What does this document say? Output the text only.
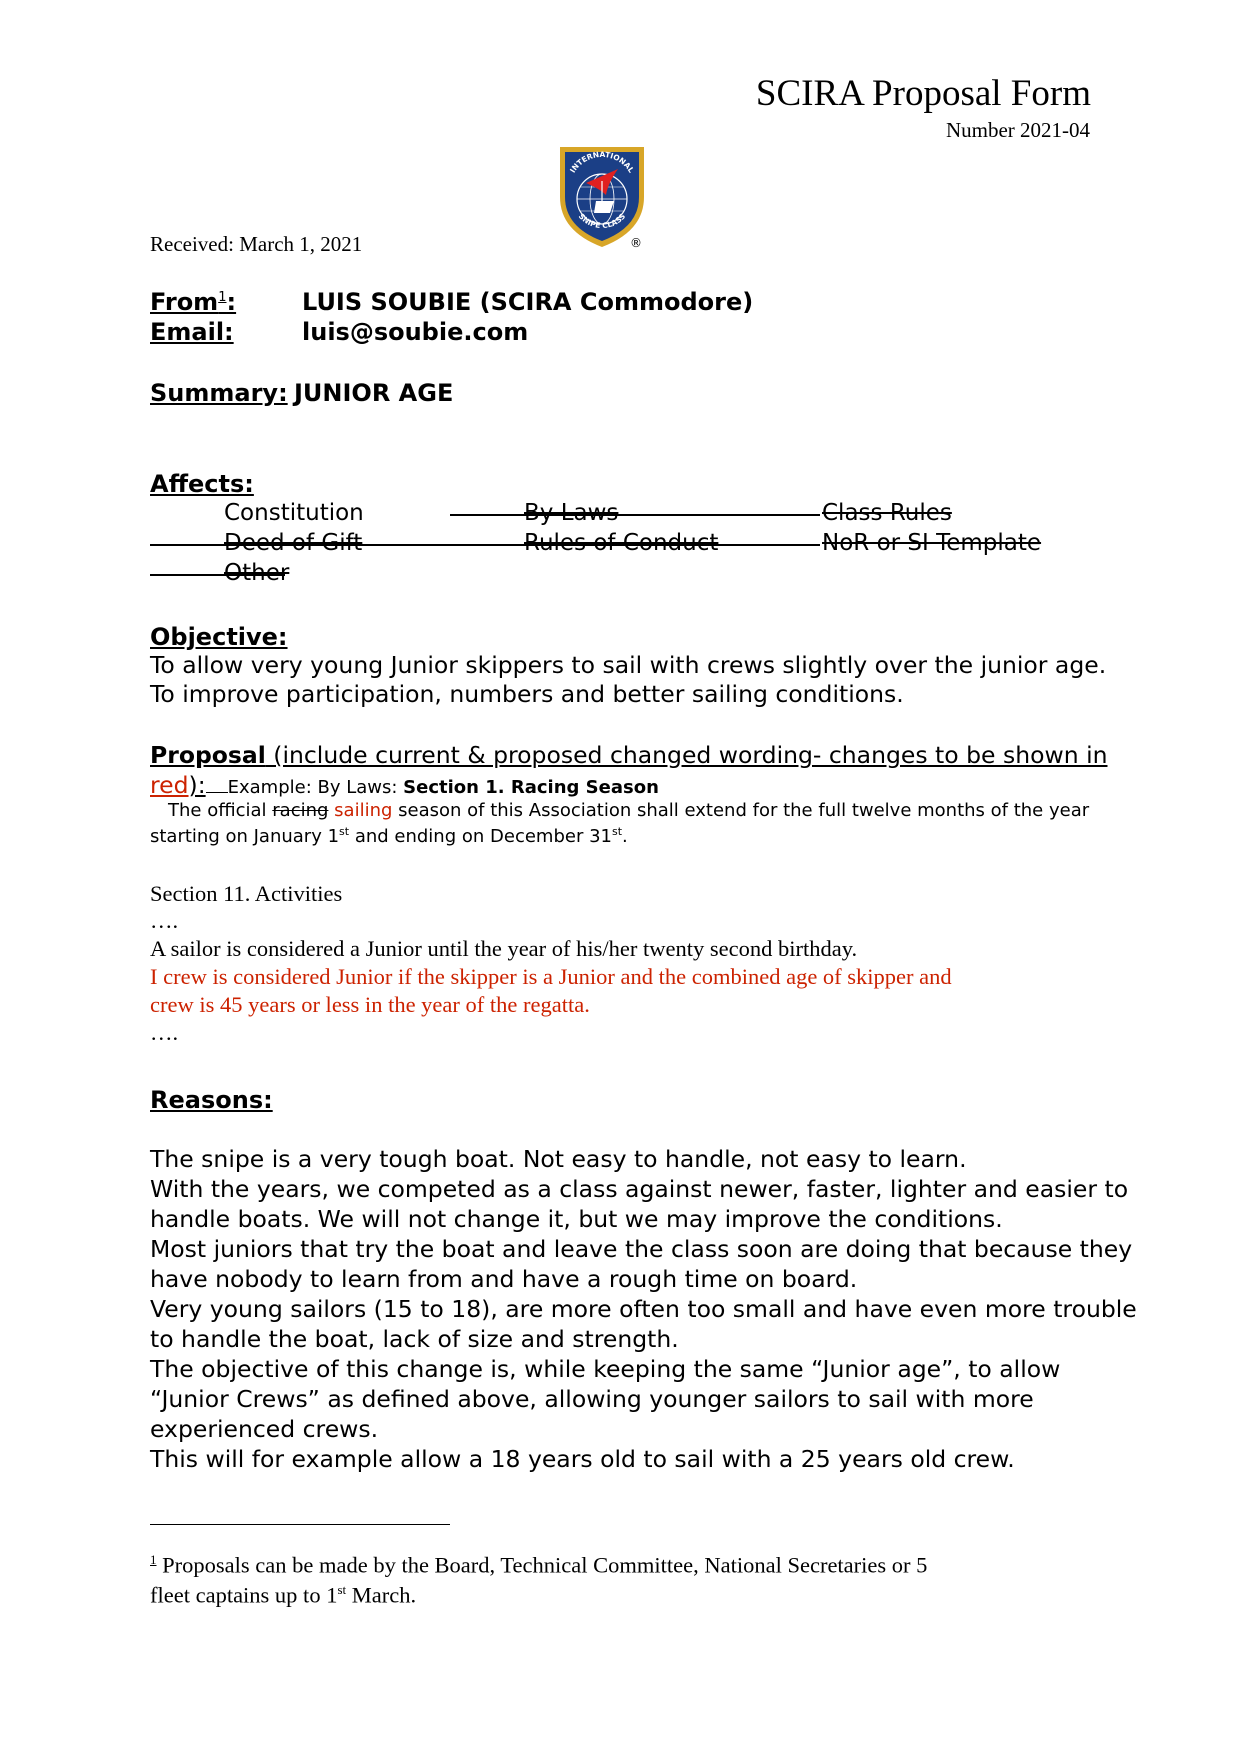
SCIRA Proposal Form
Number 2021-04
INTERNATIONAL
SNIPE CLASS
®
Received: March 1, 2021
From$^1$:	LUIS SOUBIE (SCIRA Commodore)
Email:	luis@soubie.com
Summary: JUNIOR AGE
Affects:
Constitution	By Laws	Class Rules
Deed of Gift	Rules of Conduct	NoR or SI Template
Other
Objective:
To allow very young Junior skippers to sail with crews slightly over the junior age.
To improve participation, numbers and better sailing conditions.
Proposal (include current & proposed changed wording- changes to be shown in
red): Example: By Laws: Section 1. Racing Season
The official racing sailing season of this Association shall extend for the full twelve months of the year
starting on January 1st and ending on December 31st.
Section 11. Activities
….
A sailor is considered a Junior until the year of his/her twenty second birthday.
I crew is considered Junior if the skipper is a Junior and the combined age of skipper and
crew is 45 years or less in the year of the regatta.
….
Reasons:
The snipe is a very tough boat. Not easy to handle, not easy to learn.
With the years, we competed as a class against newer, faster, lighter and easier to
handle boats. We will not change it, but we may improve the conditions.
Most juniors that try the boat and leave the class soon are doing that because they
have nobody to learn from and have a rough time on board.
Very young sailors (15 to 18), are more often too small and have even more trouble
to handle the boat, lack of size and strength.
The objective of this change is, while keeping the same “Junior age”, to allow
“Junior Crews” as defined above, allowing younger sailors to sail with more
experienced crews.
This will for example allow a 18 years old to sail with a 25 years old crew.
$^1$ Proposals can be made by the Board, Technical Committee, National Secretaries or 5
fleet captains up to 1st March.
